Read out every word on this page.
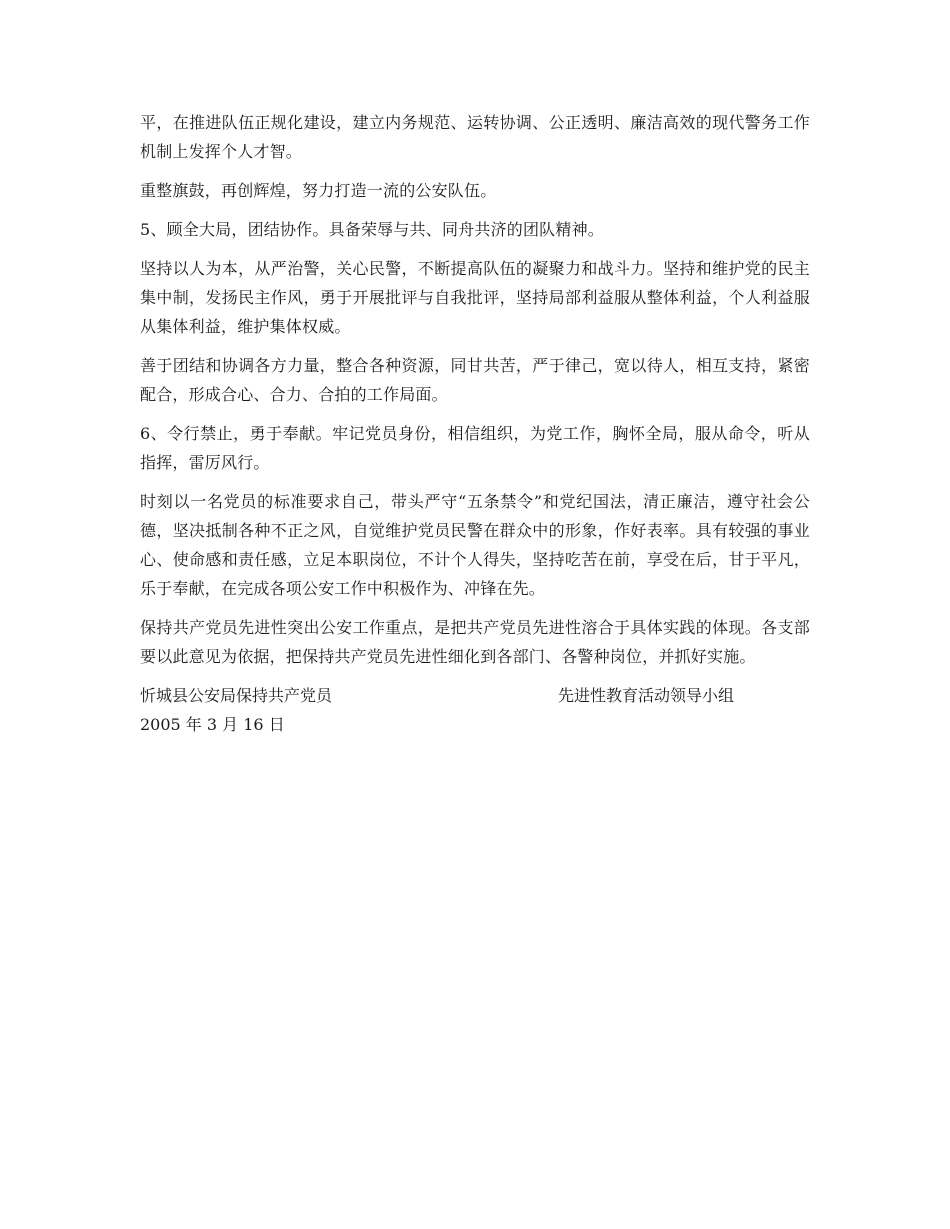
平，在推进队伍正规化建设，建立内务规范、运转协调、公正透明、廉洁高效的现代警务工作机制上发挥个人才智。

重整旗鼓，再创辉煌，努力打造一流的公安队伍。

5、顾全大局，团结协作。具备荣辱与共、同舟共济的团队精神。

坚持以人为本，从严治警，关心民警，不断提高队伍的凝聚力和战斗力。坚持和维护党的民主集中制，发扬民主作风，勇于开展批评与自我批评，坚持局部利益服从整体利益，个人利益服从集体利益，维护集体权威。

善于团结和协调各方力量，整合各种资源，同甘共苦，严于律己，宽以待人，相互支持，紧密配合，形成合心、合力、合拍的工作局面。

6、令行禁止，勇于奉献。牢记党员身份，相信组织，为党工作，胸怀全局，服从命令，听从指挥，雷厉风行。

时刻以一名党员的标准要求自己，带头严守“五条禁令”和党纪国法，清正廉洁，遵守社会公德，坚决抵制各种不正之风，自觉维护党员民警在群众中的形象，作好表率。具有较强的事业心、使命感和责任感，立足本职岗位，不计个人得失，坚持吃苦在前，享受在后，甘于平凡，乐于奉献，在完成各项公安工作中积极作为、冲锋在先。

保持共产党员先进性突出公安工作重点，是把共产党员先进性溶合于具体实践的体现。各支部要以此意见为依据，把保持共产党员先进性细化到各部门、各警种岗位，并抓好实施。

忻城县公安局保持共产党员	先进性教育活动领导小组
2005 年 3 月 16 日
